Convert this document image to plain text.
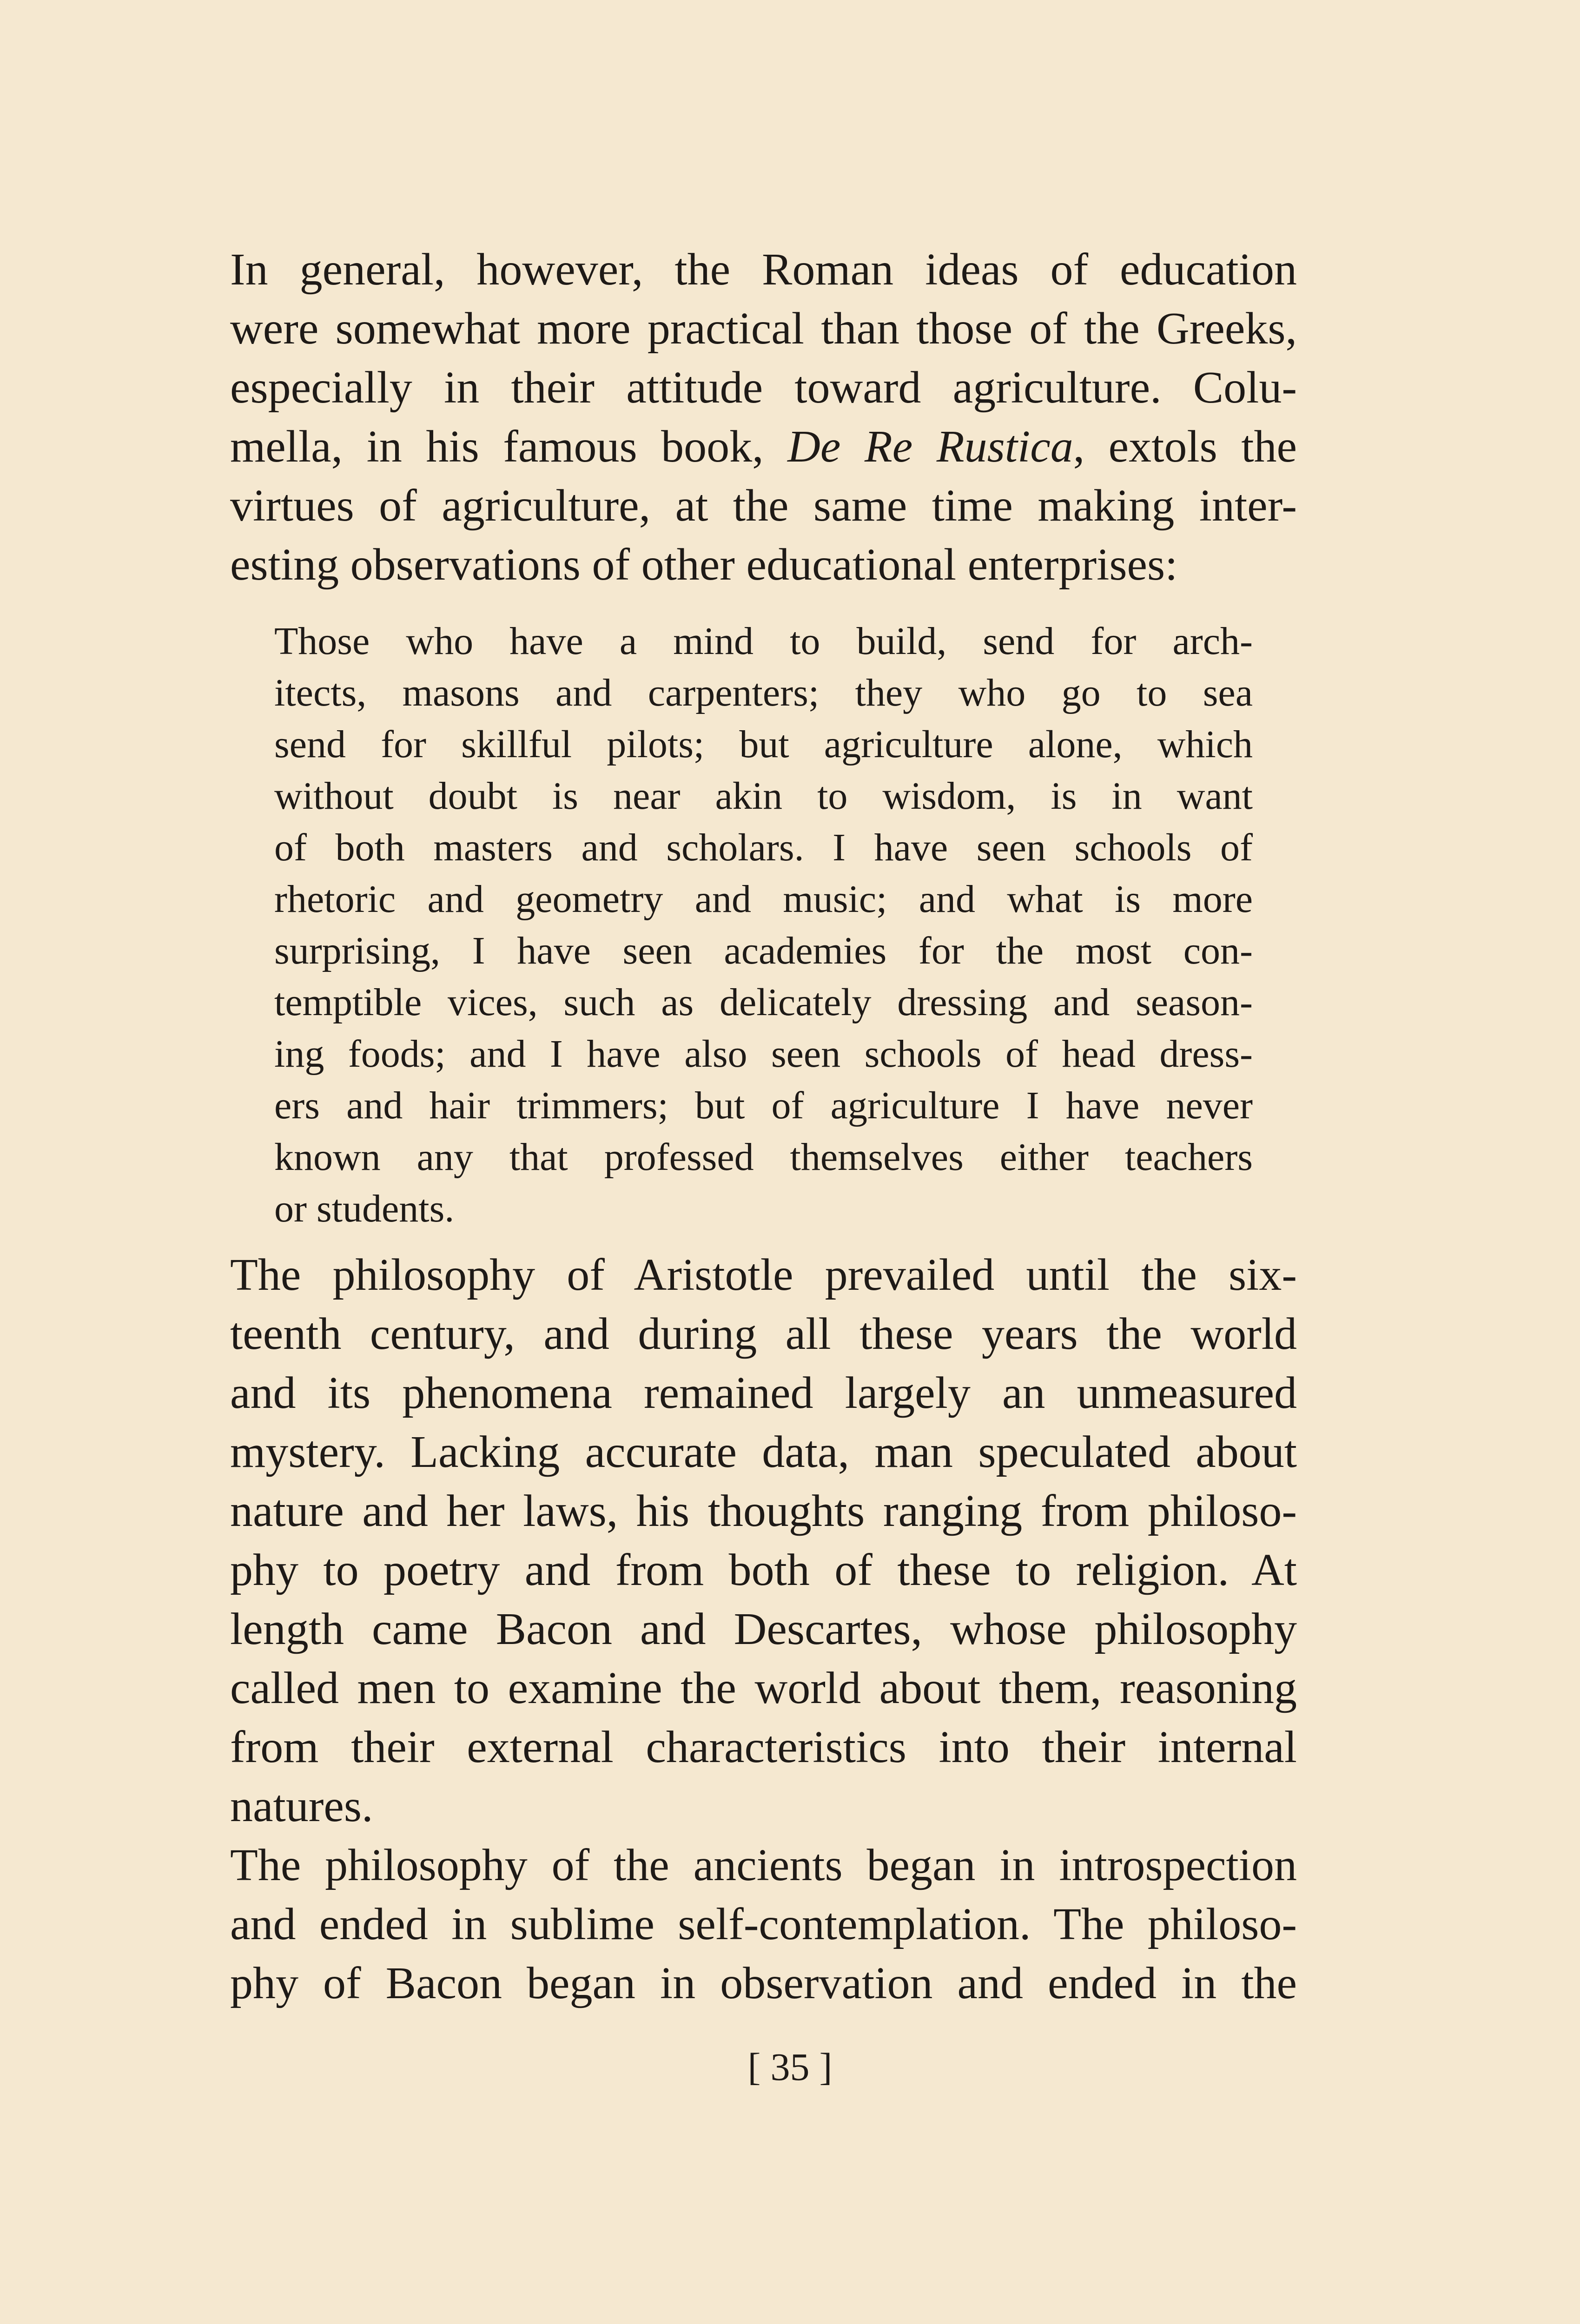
In general, however, the Roman ideas of education
were somewhat more practical than those of the Greeks,
especially in their attitude toward agriculture. Colu-
mella, in his famous book, De Re Rustica, extols the
virtues of agriculture, at the same time making inter-
esting observations of other educational enterprises:
Those who have a mind to build, send for arch-
itects, masons and carpenters; they who go to sea
send for skillful pilots; but agriculture alone, which
without doubt is near akin to wisdom, is in want
of both masters and scholars. I have seen schools of
rhetoric and geometry and music; and what is more
surprising, I have seen academies for the most con-
temptible vices, such as delicately dressing and season-
ing foods; and I have also seen schools of head dress-
ers and hair trimmers; but of agriculture I have never
known any that professed themselves either teachers
or students.
The philosophy of Aristotle prevailed until the six-
teenth century, and during all these years the world
and its phenomena remained largely an unmeasured
mystery. Lacking accurate data, man speculated about
nature and her laws, his thoughts ranging from philoso-
phy to poetry and from both of these to religion. At
length came Bacon and Descartes, whose philosophy
called men to examine the world about them, reasoning
from their external characteristics into their internal
natures.
The philosophy of the ancients began in introspection
and ended in sublime self-contemplation. The philoso-
phy of Bacon began in observation and ended in the
[ 35 ]
